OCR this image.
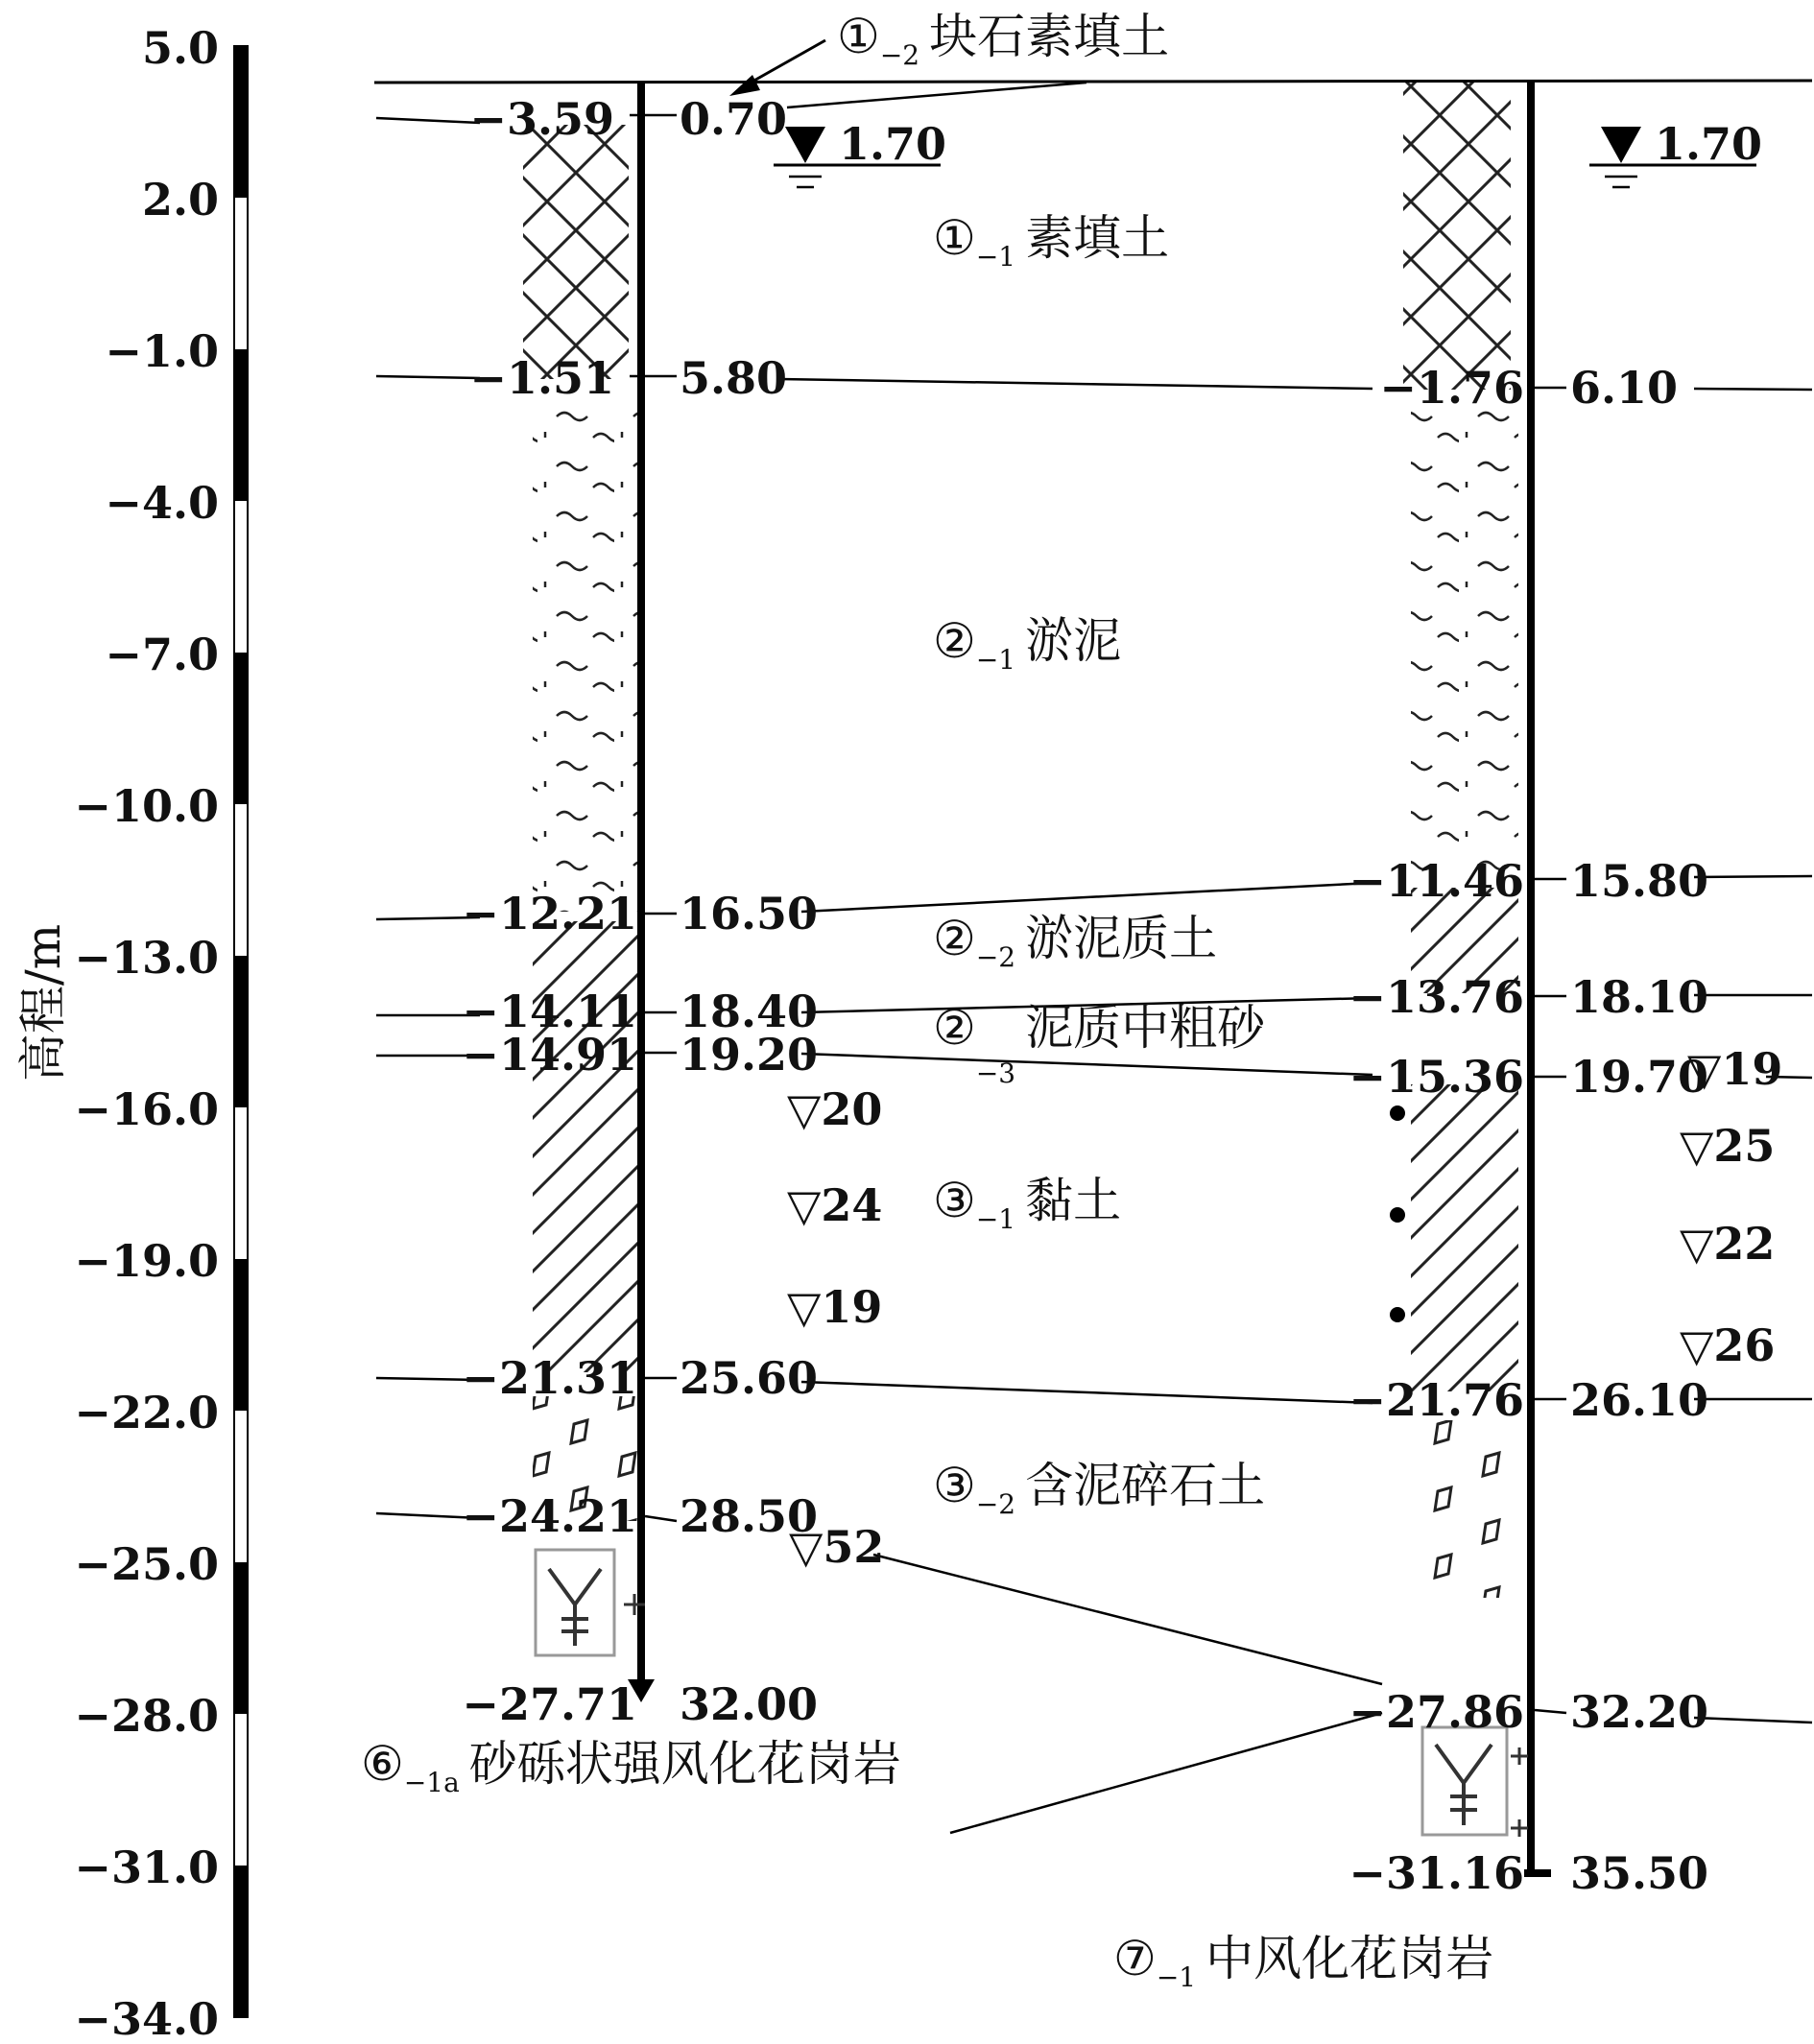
5.0
2.0
−1.0
−4.0
−7.0
−10.0
−13.0
−16.0
−19.0
−22.0
−25.0
−28.0
−31.0
−34.0
高程/m
1.70	1.70
−3.59
−1.51
−12.21
−14.11
−14.91
−21.31
−24.21
−27.71
0.70
5.80
16.50
18.40
19.20
25.60
28.50
32.00
−1.76
−11.46
−13.76
−15.36
−21.76
−27.86
−31.16
6.10
15.80
18.10
19.70
26.10
32.20
35.50
▽20
▽24
▽19
▽52
▽19
▽25
▽22
▽26
$①_{-2}$ 块石素填土
$①_{-1}$ 素填土
$②_{-1}$ 淤泥
$②_{-2}$ 淤泥质土
$②_{-3}$泥质中粗砂
$③_{-1}$ 黏土
$③_{-2}$ 含泥碎石土
$⑥_{-1a}$ 砂砾状强风化花岗岩
$⑦_{-1}$ 中风化花岗岩
